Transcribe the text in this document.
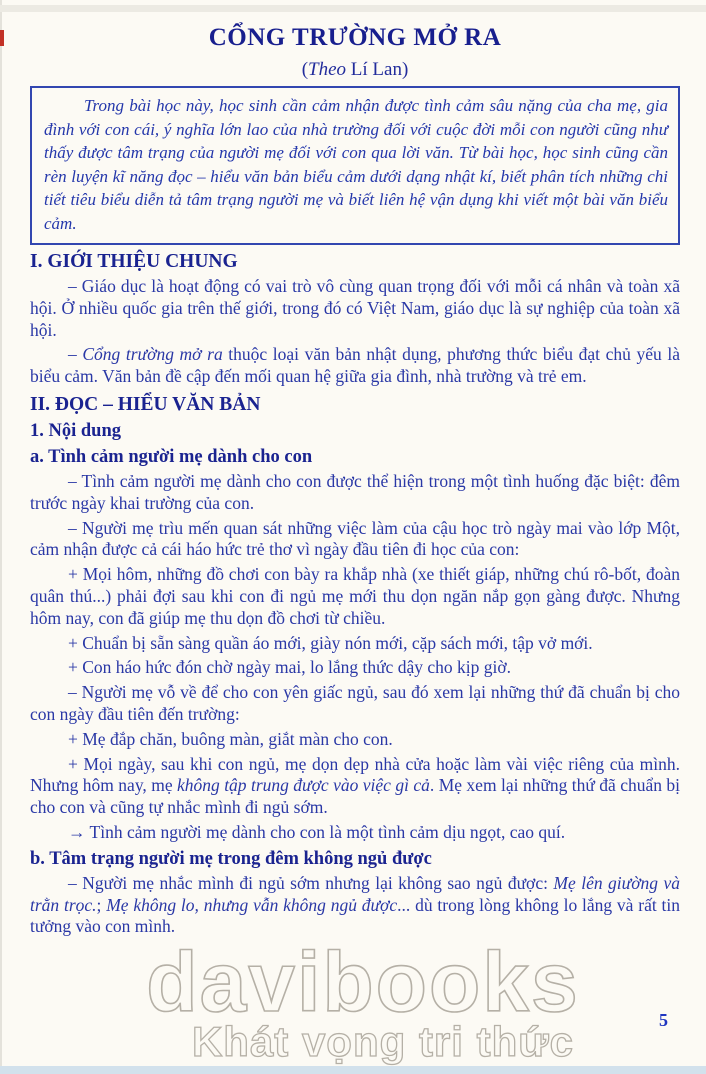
CỔNG TRƯỜNG MỞ RA

(Theo Lí Lan)

Trong bài học này, học sinh cần cảm nhận được tình cảm sâu nặng của cha mẹ, gia đình với con cái, ý nghĩa lớn lao của nhà trường đối với cuộc đời mỗi con người cũng như thấy được tâm trạng của người mẹ đối với con qua lời văn. Từ bài học, học sinh cũng cần rèn luyện kĩ năng đọc – hiểu văn bản biểu cảm dưới dạng nhật kí, biết phân tích những chi tiết tiêu biểu diễn tả tâm trạng người mẹ và biết liên hệ vận dụng khi viết một bài văn biểu cảm.

I. GIỚI THIỆU CHUNG

– Giáo dục là hoạt động có vai trò vô cùng quan trọng đối với mỗi cá nhân và toàn xã hội. Ở nhiều quốc gia trên thế giới, trong đó có Việt Nam, giáo dục là sự nghiệp của toàn xã hội.

– Cổng trường mở ra thuộc loại văn bản nhật dụng, phương thức biểu đạt chủ yếu là biểu cảm. Văn bản đề cập đến mối quan hệ giữa gia đình, nhà trường và trẻ em.

II. ĐỌC – HIỂU VĂN BẢN
1. Nội dung
a. Tình cảm người mẹ dành cho con

– Tình cảm người mẹ dành cho con được thể hiện trong một tình huống đặc biệt: đêm trước ngày khai trường của con.

– Người mẹ trìu mến quan sát những việc làm của cậu học trò ngày mai vào lớp Một, cảm nhận được cả cái háo hức trẻ thơ vì ngày đầu tiên đi học của con:

+ Mọi hôm, những đồ chơi con bày ra khắp nhà (xe thiết giáp, những chú rô-bốt, đoàn quân thú...) phải đợi sau khi con đi ngủ mẹ mới thu dọn ngăn nắp gọn gàng được. Nhưng hôm nay, con đã giúp mẹ thu dọn đồ chơi từ chiều.

+ Chuẩn bị sẵn sàng quần áo mới, giày nón mới, cặp sách mới, tập vở mới.

+ Con háo hức đón chờ ngày mai, lo lắng thức dậy cho kịp giờ.

– Người mẹ vỗ về để cho con yên giấc ngủ, sau đó xem lại những thứ đã chuẩn bị cho con ngày đầu tiên đến trường:

+ Mẹ đắp chăn, buông màn, giắt màn cho con.

+ Mọi ngày, sau khi con ngủ, mẹ dọn dẹp nhà cửa hoặc làm vài việc riêng của mình. Nhưng hôm nay, mẹ không tập trung được vào việc gì cả. Mẹ xem lại những thứ đã chuẩn bị cho con và cũng tự nhắc mình đi ngủ sớm.

→ Tình cảm người mẹ dành cho con là một tình cảm dịu ngọt, cao quí.

b. Tâm trạng người mẹ trong đêm không ngủ được

– Người mẹ nhắc mình đi ngủ sớm nhưng lại không sao ngủ được: Mẹ lên giường và trằn trọc.; Mẹ không lo, nhưng vẫn không ngủ được... dù trong lòng không lo lắng và rất tin tưởng vào con mình.

davibooks
Khát vọng tri thức	5
